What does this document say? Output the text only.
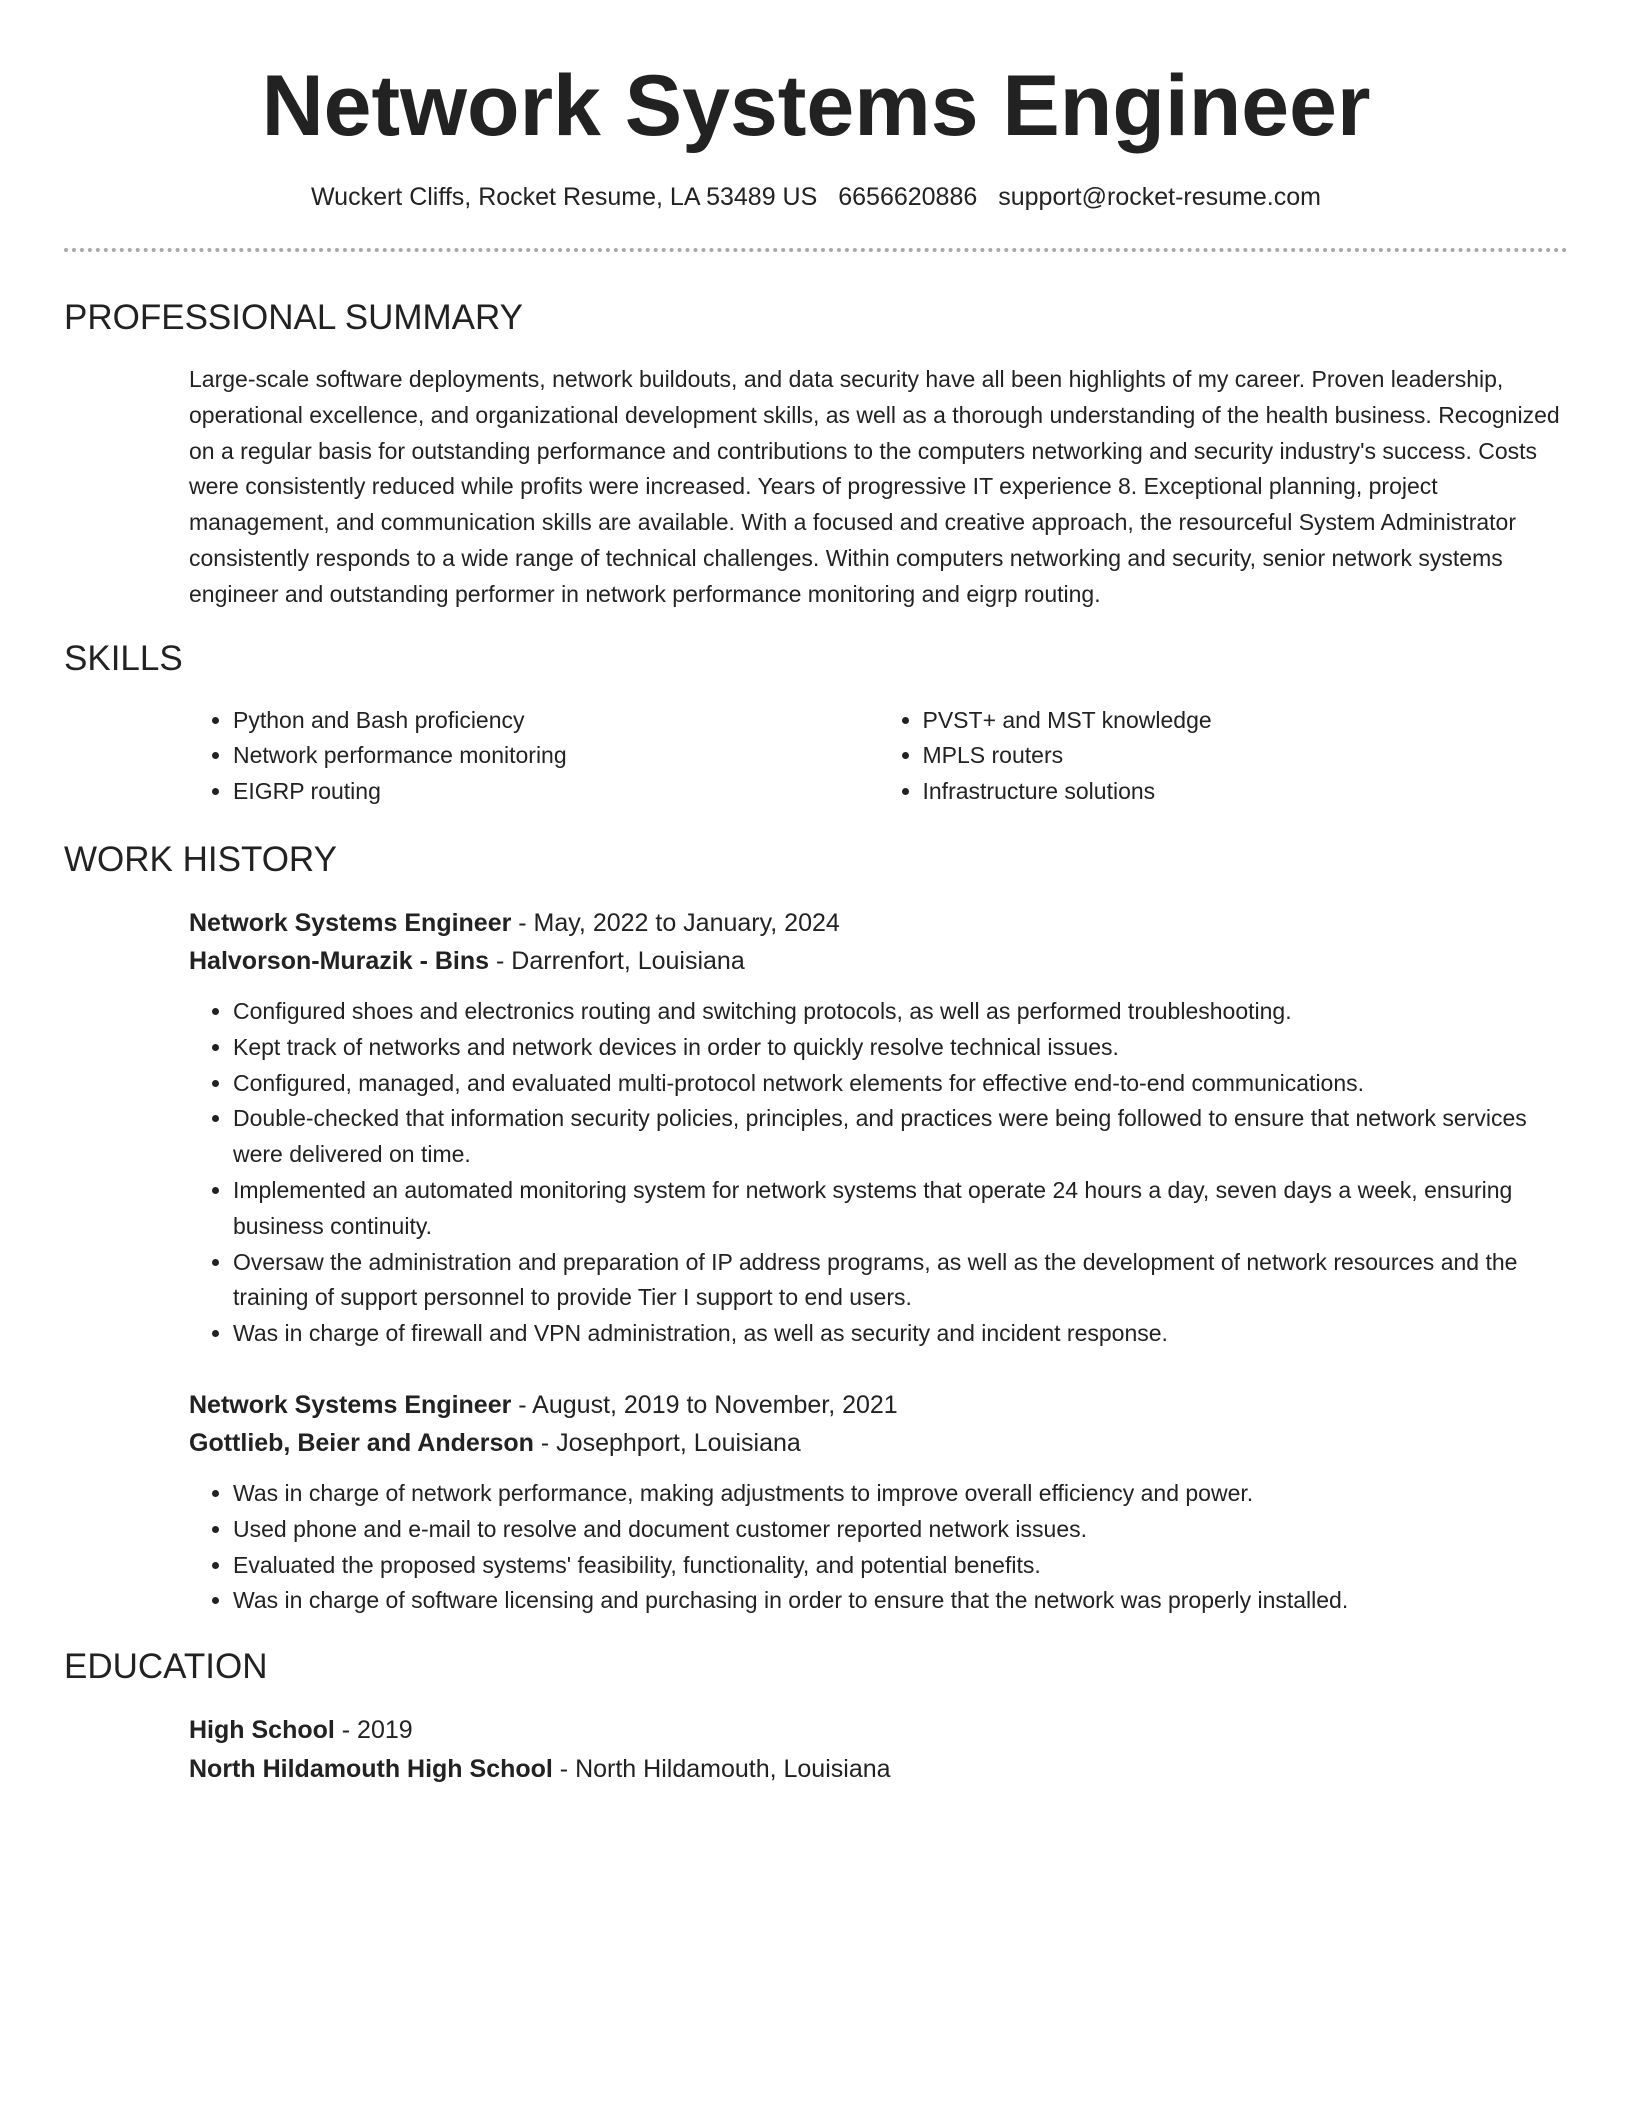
Network Systems Engineer
Wuckert Cliffs, Rocket Resume, LA 53489 US 6656620886 support@rocket-resume.com
PROFESSIONAL SUMMARY
Large-scale software deployments, network buildouts, and data security have all been highlights of my career. Proven leadership, operational excellence, and organizational development skills, as well as a thorough understanding of the health business. Recognized on a regular basis for outstanding performance and contributions to the computers networking and security industry's success. Costs were consistently reduced while profits were increased. Years of progressive IT experience 8. Exceptional planning, project management, and communication skills are available. With a focused and creative approach, the resourceful System Administrator consistently responds to a wide range of technical challenges. Within computers networking and security, senior network systems engineer and outstanding performer in network performance monitoring and eigrp routing.
SKILLS
• Python and Bash proficiency
• Network performance monitoring
• EIGRP routing
• PVST+ and MST knowledge
• MPLS routers
• Infrastructure solutions
WORK HISTORY
Network Systems Engineer - May, 2022 to January, 2024
Halvorson-Murazik - Bins - Darrenfort, Louisiana
• Configured shoes and electronics routing and switching protocols, as well as performed troubleshooting.
• Kept track of networks and network devices in order to quickly resolve technical issues.
• Configured, managed, and evaluated multi-protocol network elements for effective end-to-end communications.
• Double-checked that information security policies, principles, and practices were being followed to ensure that network services were delivered on time.
• Implemented an automated monitoring system for network systems that operate 24 hours a day, seven days a week, ensuring business continuity.
• Oversaw the administration and preparation of IP address programs, as well as the development of network resources and the training of support personnel to provide Tier I support to end users.
• Was in charge of firewall and VPN administration, as well as security and incident response.
Network Systems Engineer - August, 2019 to November, 2021
Gottlieb, Beier and Anderson - Josephport, Louisiana
• Was in charge of network performance, making adjustments to improve overall efficiency and power.
• Used phone and e-mail to resolve and document customer reported network issues.
• Evaluated the proposed systems' feasibility, functionality, and potential benefits.
• Was in charge of software licensing and purchasing in order to ensure that the network was properly installed.
EDUCATION
High School - 2019
North Hildamouth High School - North Hildamouth, Louisiana
